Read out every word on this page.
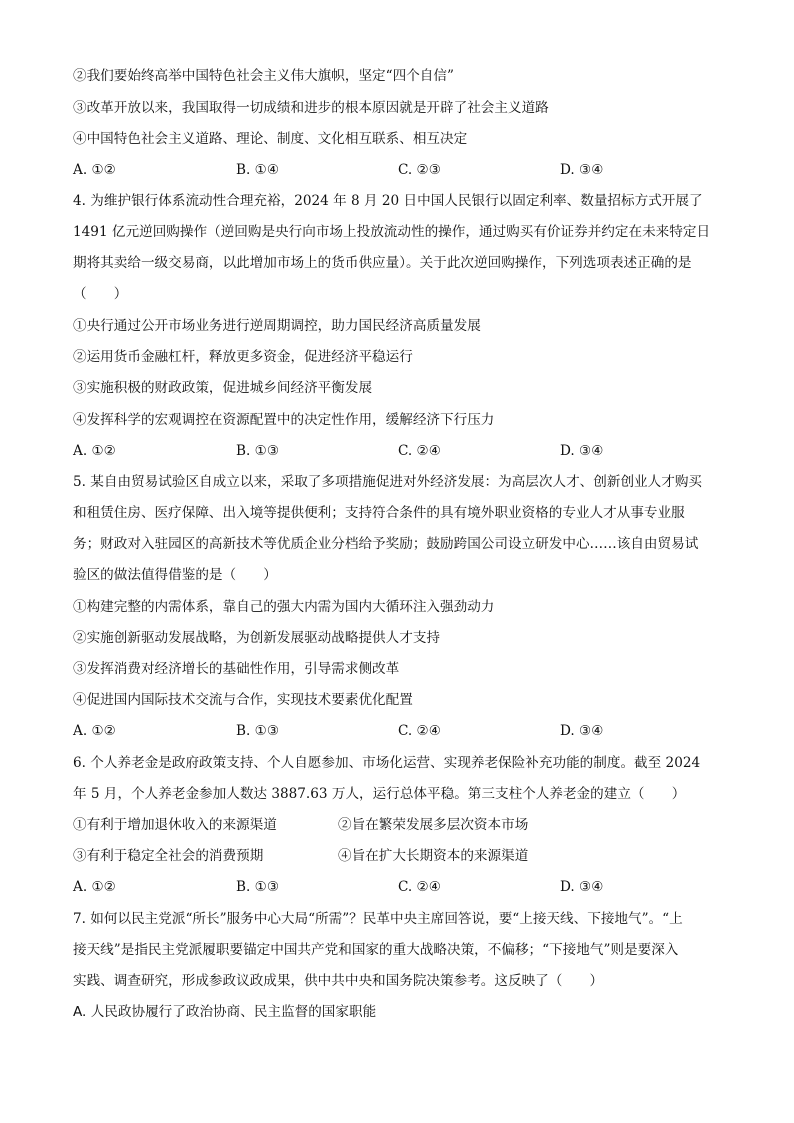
②我们要始终高举中国特色社会主义伟大旗帜，坚定“四个自信”
③改革开放以来，我国取得一切成绩和进步的根本原因就是开辟了社会主义道路
④中国特色社会主义道路、理论、制度、文化相互联系、相互决定
A. ①②	B. ①④	C. ②③	D. ③④
4. 为维护银行体系流动性合理充裕，2024 年 8 月 20 日中国人民银行以固定利率、数量招标方式开展了
1491 亿元逆回购操作（逆回购是央行向市场上投放流动性的操作，通过购买有价证券并约定在未来特定日
期将其卖给一级交易商，以此增加市场上的货币供应量）。关于此次逆回购操作，下列选项表述正确的是
（　　）
①央行通过公开市场业务进行逆周期调控，助力国民经济高质量发展
②运用货币金融杠杆，释放更多资金，促进经济平稳运行
③实施积极的财政政策，促进城乡间经济平衡发展
④发挥科学的宏观调控在资源配置中的决定性作用，缓解经济下行压力
A. ①②	B. ①③	C. ②④	D. ③④
5. 某自由贸易试验区自成立以来，采取了多项措施促进对外经济发展：为高层次人才、创新创业人才购买
和租赁住房、医疗保障、出入境等提供便利；支持符合条件的具有境外职业资格的专业人才从事专业服
务；财政对入驻园区的高新技术等优质企业分档给予奖励；鼓励跨国公司设立研发中心……该自由贸易试
验区的做法值得借鉴的是（　　）
①构建完整的内需体系，靠自己的强大内需为国内大循环注入强劲动力
②实施创新驱动发展战略，为创新发展驱动战略提供人才支持
③发挥消费对经济增长的基础性作用，引导需求侧改革
④促进国内国际技术交流与合作，实现技术要素优化配置
A. ①②	B. ①③	C. ②④	D. ③④
6. 个人养老金是政府政策支持、个人自愿参加、市场化运营、实现养老保险补充功能的制度。截至 2024
年 5 月，个人养老金参加人数达 3887.63 万人，运行总体平稳。第三支柱个人养老金的建立（　　）
①有利于增加退休收入的来源渠道	②旨在繁荣发展多层次资本市场
③有利于稳定全社会的消费预期	④旨在扩大长期资本的来源渠道
A. ①②	B. ①③	C. ②④	D. ③④
7. 如何以民主党派“所长”服务中心大局“所需”？民革中央主席回答说，要“上接天线、下接地气”。“上
接天线”是指民主党派履职要锚定中国共产党和国家的重大战略决策，不偏移；“下接地气”则是要深入
实践、调查研究，形成参政议政成果，供中共中央和国务院决策参考。这反映了（　　）
A. 人民政协履行了政治协商、民主监督的国家职能
